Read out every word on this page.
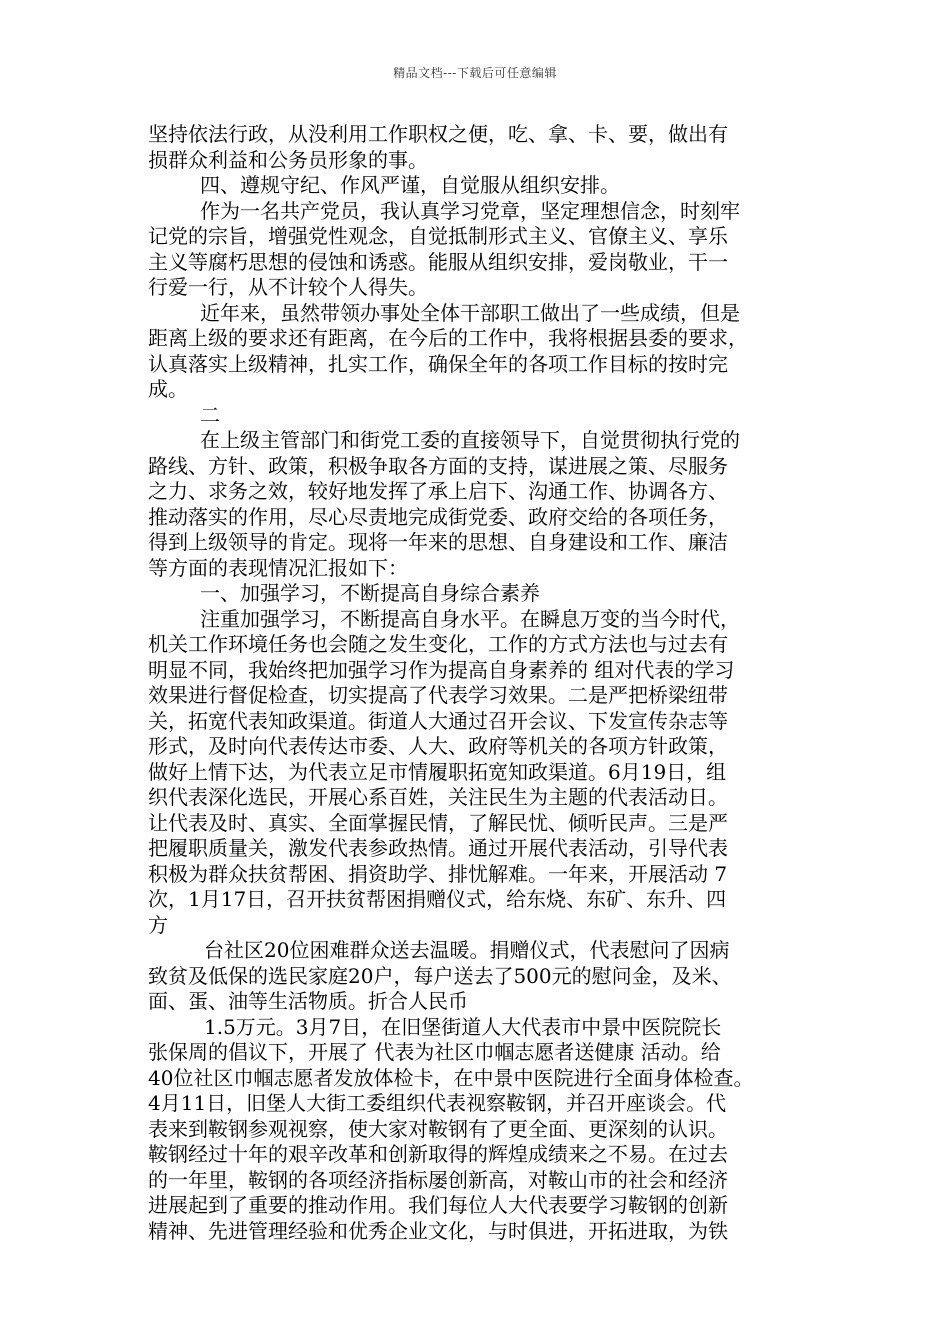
精品文档---下载后可任意编辑
坚持依法行政，从没利用工作职权之便，吃、拿、卡、要，做出有
损群众利益和公务员形象的事。
四、遵规守纪、作风严谨，自觉服从组织安排。
作为一名共产党员，我认真学习党章，坚定理想信念，时刻牢
记党的宗旨，增强党性观念，自觉抵制形式主义、官僚主义、享乐
主义等腐朽思想的侵蚀和诱惑。能服从组织安排，爱岗敬业，干一
行爱一行，从不计较个人得失。
近年来，虽然带领办事处全体干部职工做出了一些成绩，但是
距离上级的要求还有距离，在今后的工作中，我将根据县委的要求，
认真落实上级精神，扎实工作，确保全年的各项工作目标的按时完
成。
二
在上级主管部门和街党工委的直接领导下，自觉贯彻执行党的
路线、方针、政策，积极争取各方面的支持，谋进展之策、尽服务
之力、求务之效，较好地发挥了承上启下、沟通工作、协调各方、
推动落实的作用，尽心尽责地完成街党委、政府交给的各项任务，
得到上级领导的肯定。现将一年来的思想、自身建设和工作、廉洁
等方面的表现情况汇报如下：
一、加强学习，不断提高自身综合素养
注重加强学习，不断提高自身水平。在瞬息万变的当今时代，
机关工作环境任务也会随之发生变化，工作的方式方法也与过去有
明显不同，我始终把加强学习作为提高自身素养的 组对代表的学习
效果进行督促检查，切实提高了代表学习效果。二是严把桥梁纽带
关，拓宽代表知政渠道。街道人大通过召开会议、下发宣传杂志等
形式，及时向代表传达市委、人大、政府等机关的各项方针政策，
做好上情下达，为代表立足市情履职拓宽知政渠道。6月19日，组
织代表深化选民，开展心系百姓，关注民生为主题的代表活动日。
让代表及时、真实、全面掌握民情，了解民忧、倾听民声。三是严
把履职质量关，激发代表参政热情。通过开展代表活动，引导代表
积极为群众扶贫帮困、捐资助学、排忧解难。一年来，开展活动 7
次，1月17日，召开扶贫帮困捐赠仪式，给东烧、东矿、东升、四
方
台社区20位困难群众送去温暖。捐赠仪式，代表慰问了因病
致贫及低保的选民家庭20户，每户送去了500元的慰问金，及米、
面、蛋、油等生活物质。折合人民币
1.5万元。3月7日，在旧堡街道人大代表市中景中医院院长
张保周的倡议下，开展了 代表为社区巾帼志愿者送健康 活动。给
40位社区巾帼志愿者发放体检卡，在中景中医院进行全面身体检查。
4月11日，旧堡人大街工委组织代表视察鞍钢，并召开座谈会。代
表来到鞍钢参观视察，使大家对鞍钢有了更全面、更深刻的认识。
鞍钢经过十年的艰辛改革和创新取得的辉煌成绩来之不易。在过去
的一年里，鞍钢的各项经济指标屡创新高，对鞍山市的社会和经济
进展起到了重要的推动作用。我们每位人大代表要学习鞍钢的创新
精神、先进管理经验和优秀企业文化，与时俱进，开拓进取，为铁
